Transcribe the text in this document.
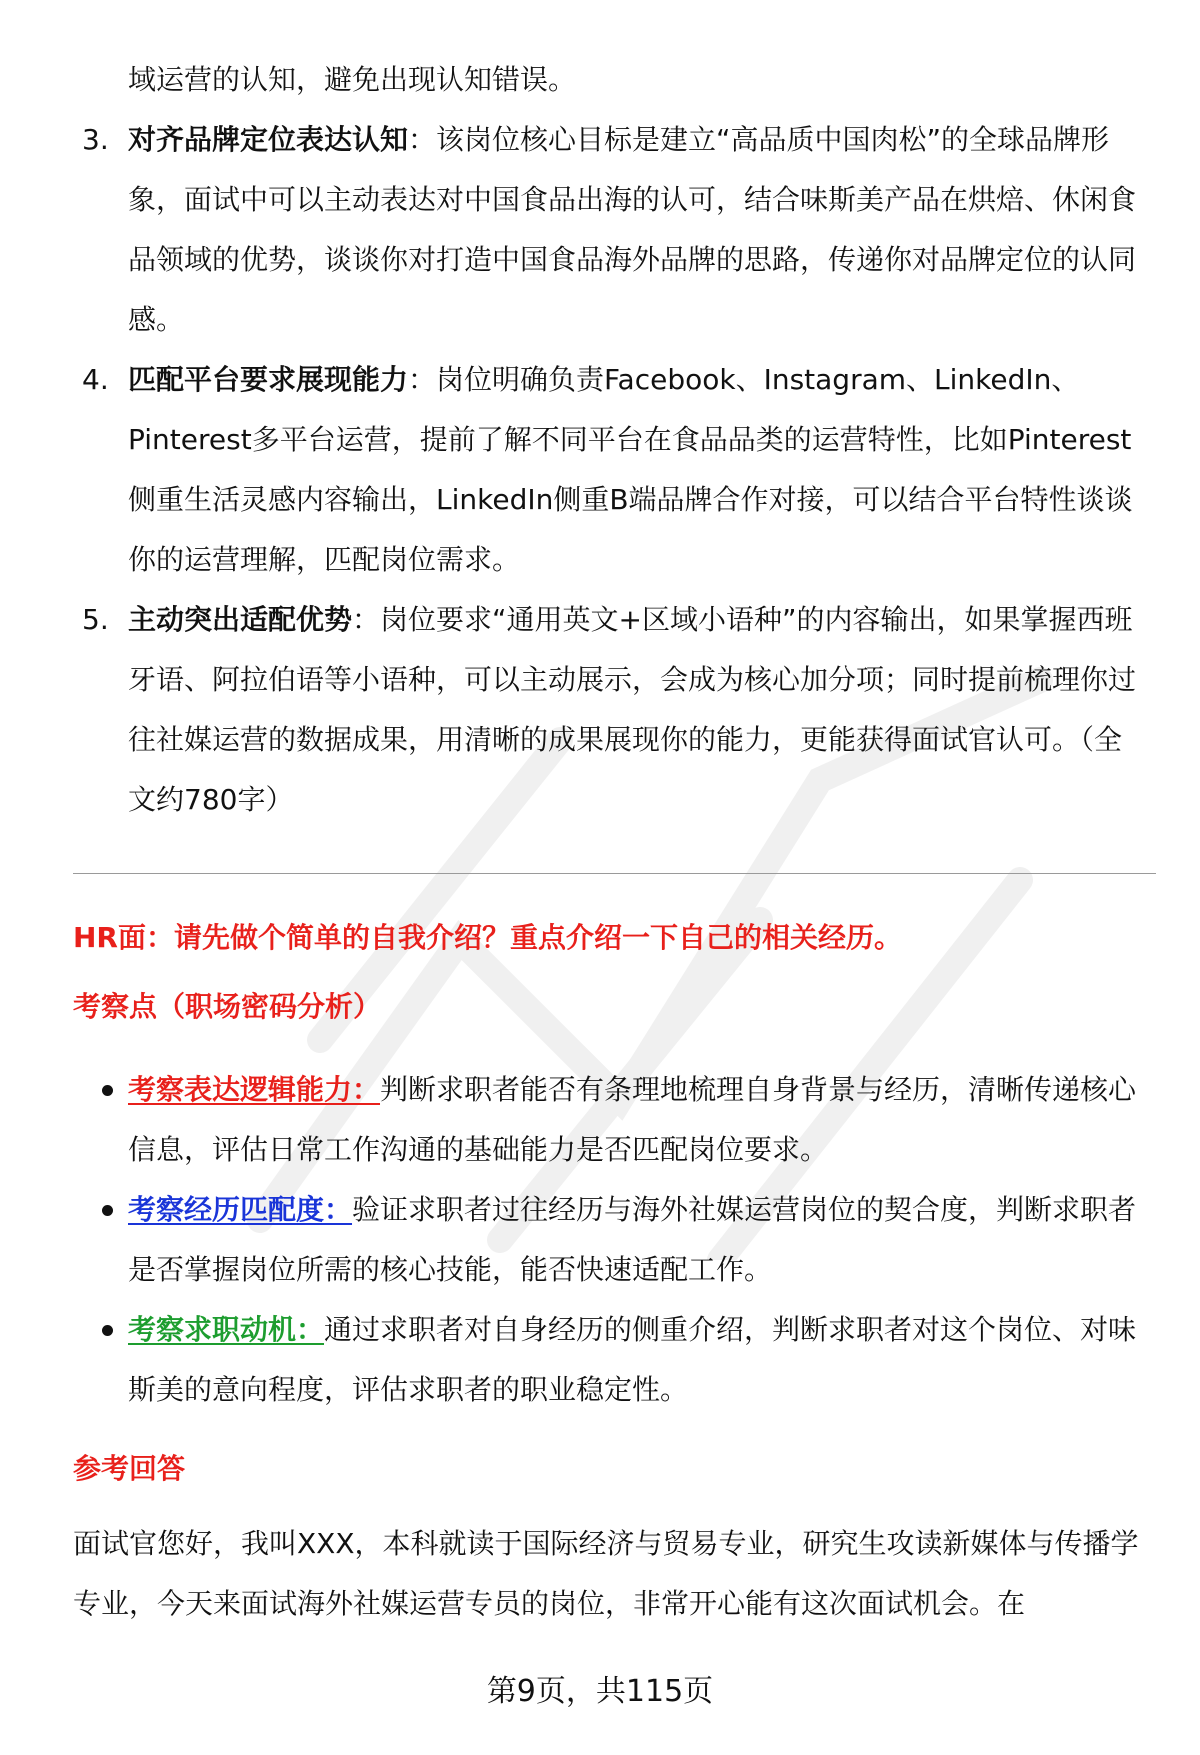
域运营的认知，避免出现认知错误。
3. 对齐品牌定位表达认知：该岗位核心目标是建立“高品质中国肉松”的全球品牌形象，面试中可以主动表达对中国食品出海的认可，结合味斯美产品在烘焙、休闲食品领域的优势，谈谈你对打造中国食品海外品牌的思路，传递你对品牌定位的认同感。
4. 匹配平台要求展现能力：岗位明确负责Facebook、Instagram、LinkedIn、Pinterest多平台运营，提前了解不同平台在食品品类的运营特性，比如Pinterest侧重生活灵感内容输出，LinkedIn侧重B端品牌合作对接，可以结合平台特性谈谈你的运营理解，匹配岗位需求。
5. 主动突出适配优势：岗位要求“通用英文+区域小语种”的内容输出，如果掌握西班牙语、阿拉伯语等小语种，可以主动展示，会成为核心加分项；同时提前梳理你过往社媒运营的数据成果，用清晰的成果展现你的能力，更能获得面试官认可。（全文约780字）
HR面：请先做个简单的自我介绍？重点介绍一下自己的相关经历。
考察点（职场密码分析）
考察表达逻辑能力：判断求职者能否有条理地梳理自身背景与经历，清晰传递核心信息，评估日常工作沟通的基础能力是否匹配岗位要求。
考察经历匹配度：验证求职者过往经历与海外社媒运营岗位的契合度，判断求职者是否掌握岗位所需的核心技能，能否快速适配工作。
考察求职动机：通过求职者对自身经历的侧重介绍，判断求职者对这个岗位、对味斯美的意向程度，评估求职者的职业稳定性。
参考回答
面试官您好，我叫XXX，本科就读于国际经济与贸易专业，研究生攻读新媒体与传播学专业，今天来面试海外社媒运营专员的岗位，非常开心能有这次面试机会。在
第9页，共115页
